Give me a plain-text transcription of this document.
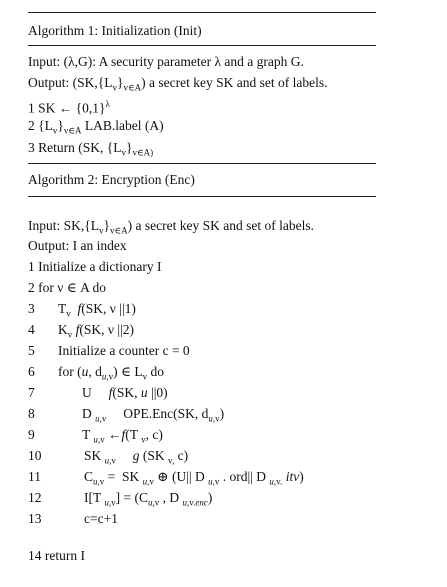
Algorithm 1: Initialization (Init)
Input: (λ,G): A security parameter λ and a graph G.
Output: $(SK,\{L_v\}_{v\in A})$ a secret key SK and set of labels.
1 SK ← $\{0,1\}^\lambda$
2 $\{L_v\}_{v\in A}$ LAB.label (A)
3 Return (SK, $\{L_v\}_{v\in A)}$
Algorithm 2: Encryption (Enc)
Input: $SK,\{L_v\}_{v\in A}$) a secret key SK and set of labels.
Output: I an index
1 Initialize a dictionary I
2 for ν ∈ A do
3 $T_v$ f(SK, ν ||1)
4 $K_v$ f(SK, ν ||2)
5 Initialize a counter c = 0
6 for (u, $d_{u,v}$) ∈ $L_v$ do
7	U     f(SK, u ||0)
8	D $_{u,v}$     OPE.Enc(SK, $d_{u,v}$)
9	T $_{u,v}$ ←f(T $_v$, c)
10	SK $_{u,v}$ g (SK $_{v,}$ c)
11	$C_{u,v}$ =  SK $_{u,v}$ ⊕ (U|| D $_{u,v}$ . ord|| D $_{u,v.}$ itv)
12	I[T $_{u,v}] = (C_{u,v}$ , D $_{u,v.enc}$)
13	c=c+1
14 return I
